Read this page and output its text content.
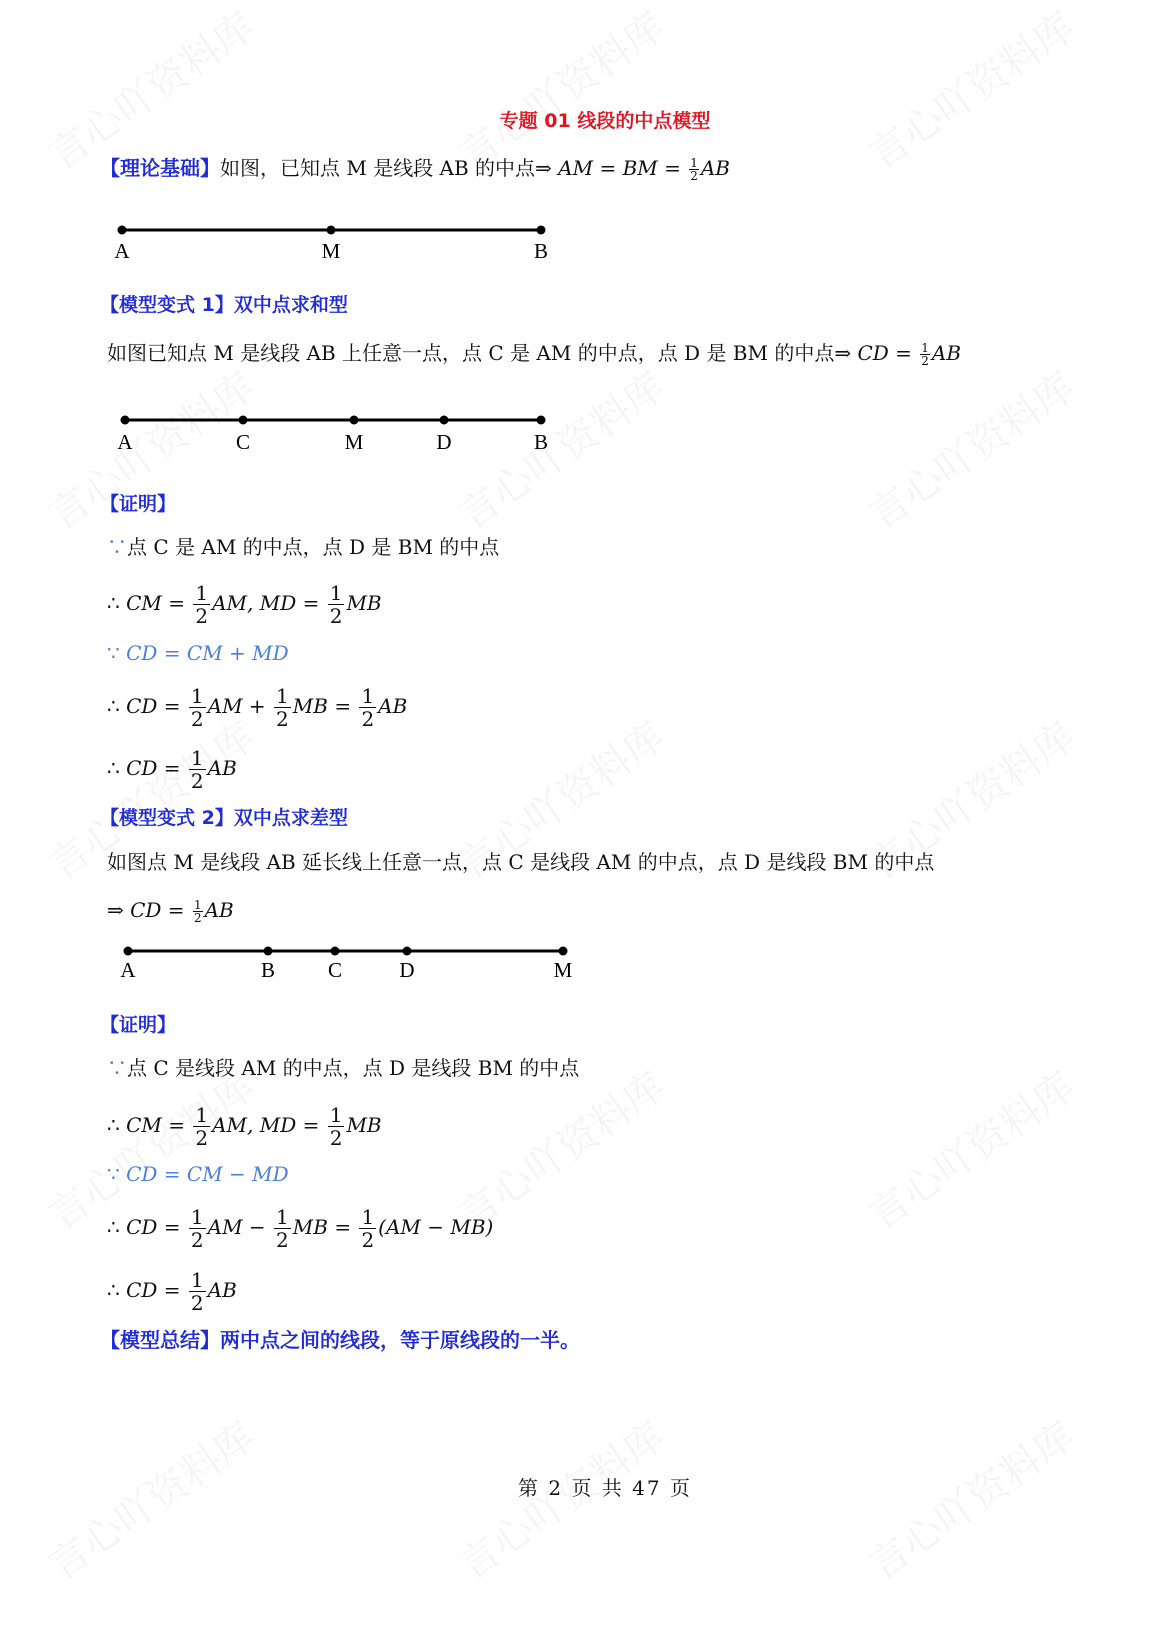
专题 01 线段的中点模型
【理论基础】如图，已知点 M 是线段 AB 的中点⇒ AM = BM = $\frac{1}{2}$ AB
A	M	B
A	C	M	D	B
A	B	C	D	M
【模型变式 1】双中点求和型
如图已知点 M 是线段 AB 上任意一点，点 C 是 AM 的中点，点 D 是 BM 的中点⇒ CD = $\frac{1}{2}$ AB
【证明】
∵点 C 是 AM 的中点，点 D 是 BM 的中点
∴ CM = $\frac{1}{2}$ AM, MD = $\frac{1}{2}$ MB
∵ CD = CM + MD
∴ CD = $\frac{1}{2}$ AM + $\frac{1}{2}$ MB = $\frac{1}{2}$ AB
∴ CD = $\frac{1}{2}$ AB
【模型变式 2】双中点求差型
如图点 M 是线段 AB 延长线上任意一点，点 C 是线段 AM 的中点，点 D 是线段 BM 的中点
⇒ CD = $\frac{1}{2}$ AB
【证明】
∵点 C 是线段 AM 的中点，点 D 是线段 BM 的中点
∴ CM = $\frac{1}{2}$ AM, MD = $\frac{1}{2}$ MB
∵ CD = CM − MD
∴ CD = $\frac{1}{2}$ AM − $\frac{1}{2}$ MB = $\frac{1}{2} (AM - MB)$
∴ CD = $\frac{1}{2}$ AB
【模型总结】两中点之间的线段，等于原线段的一半。
第 2 页 共 47 页
